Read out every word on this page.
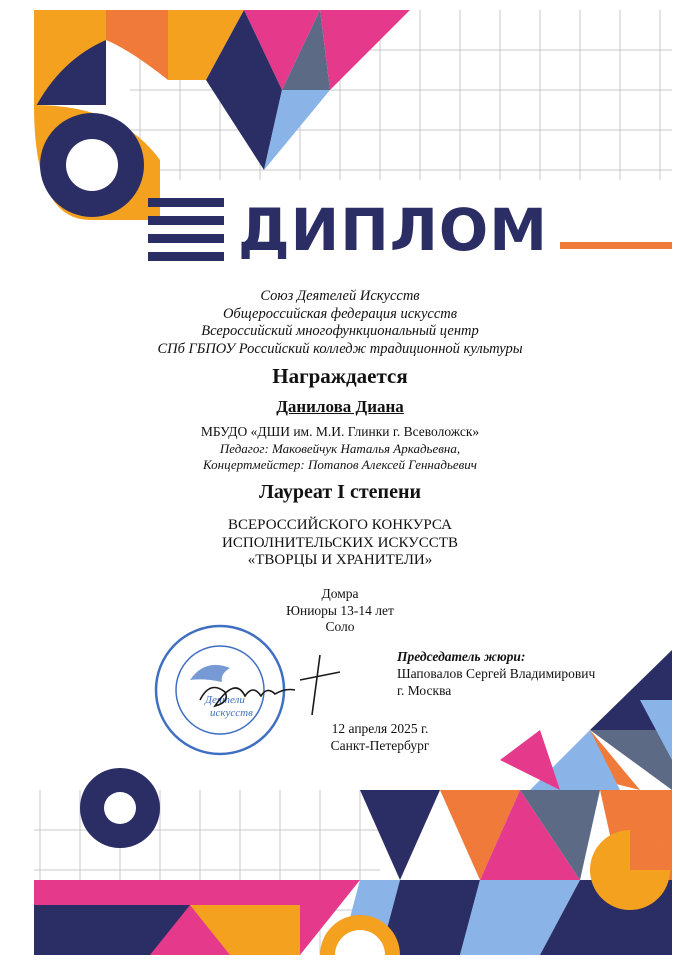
Деятели
искусств
ДИПЛОМ
Союз Деятелей Искусств
Общероссийская федерация искусств
Всероссийский многофункциональный центр
СПб ГБПОУ Российский колледж традиционной культуры
Награждается
Данилова Диана
МБУДО «ДШИ им. М.И. Глинки г. Всеволожск»
Педагог: Маковейчук Наталья Аркадьевна,
Концертмейстер: Потапов Алексей Геннадьевич
Лауреат I степени
ВСЕРОССИЙСКОГО КОНКУРСА
ИСПОЛНИТЕЛЬСКИХ ИСКУССТВ
«ТВОРЦЫ И ХРАНИТЕЛИ»
Домра
Юниоры 13-14 лет
Соло
Председатель жюри:
Шаповалов Сергей Владимирович
г. Москва
12 апреля 2025 г.
Санкт-Петербург
